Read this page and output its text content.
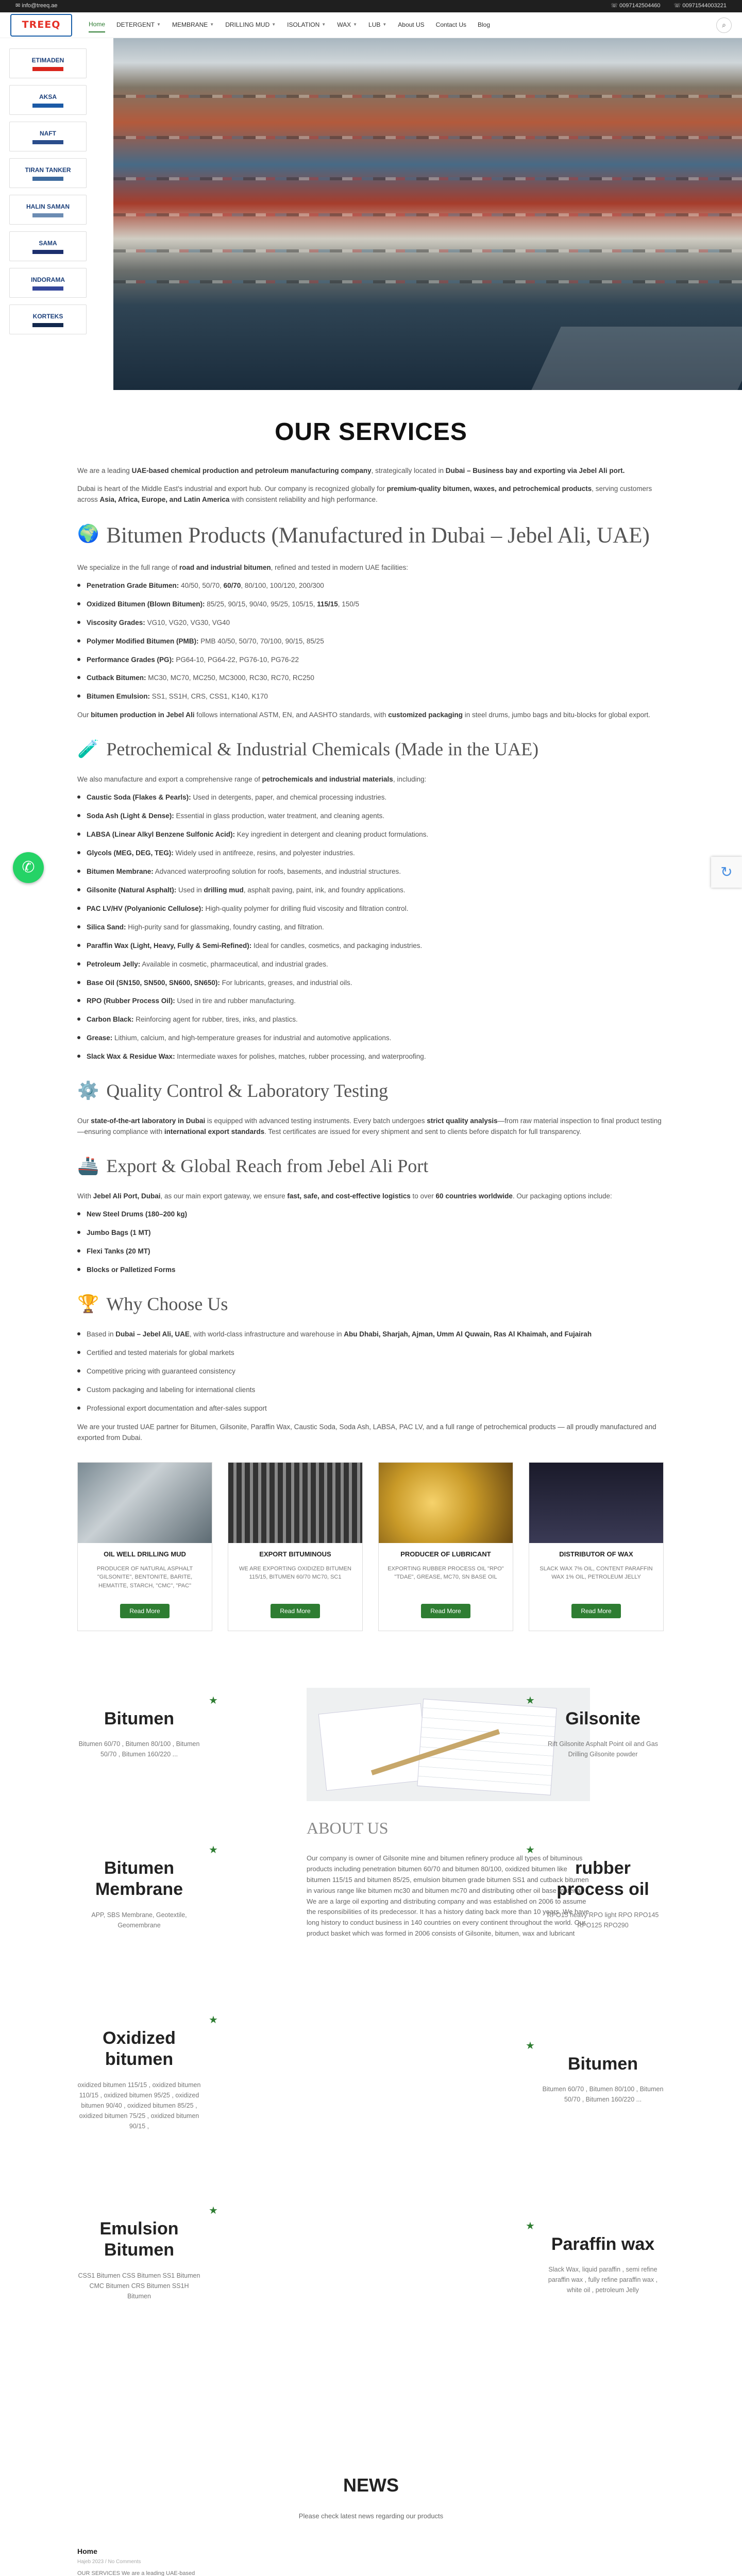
✉ info@treeq.ae	☏ 0097142504460 ☏ 00971544003221
TREEQ	Home DETERGENT ▼ MEMBRANE ▼ DRILLING MUD ▼ ISOLATION ▼ WAX ▼ LUB ▼ About US Contact Us Blog	⌕
ETIMADEN
AKSA
NAFT
TIRAN TANKER
HALIN SAMAN
SAMA
INDORAMA
KORTEKS
✆	↻
OUR SERVICES

We are a leading UAE-based chemical production and petroleum manufacturing company, strategically located in Dubai – Business bay and exporting via Jebel Ali port.

Dubai is heart of the Middle East's industrial and export hub. Our company is recognized globally for premium-quality bitumen, waxes, and petrochemical products, serving customers across Asia, Africa, Europe, and Latin America with consistent reliability and high performance.

🌍 Bitumen Products (Manufactured in Dubai – Jebel Ali, UAE)

We specialize in the full range of road and industrial bitumen, refined and tested in modern UAE facilities:

Penetration Grade Bitumen: 40/50, 50/70, 60/70, 80/100, 100/120, 200/300
Oxidized Bitumen (Blown Bitumen): 85/25, 90/15, 90/40, 95/25, 105/15, 115/15, 150/5
Viscosity Grades: VG10, VG20, VG30, VG40
Polymer Modified Bitumen (PMB): PMB 40/50, 50/70, 70/100, 90/15, 85/25
Performance Grades (PG): PG64-10, PG64-22, PG76-10, PG76-22
Cutback Bitumen: MC30, MC70, MC250, MC3000, RC30, RC70, RC250
Bitumen Emulsion: SS1, SS1H, CRS, CSS1, K140, K170

Our bitumen production in Jebel Ali follows international ASTM, EN, and AASHTO standards, with customized packaging in steel drums, jumbo bags and bitu-blocks for global export.

🧪 Petrochemical & Industrial Chemicals (Made in the UAE)

We also manufacture and export a comprehensive range of petrochemicals and industrial materials, including:

Caustic Soda (Flakes & Pearls): Used in detergents, paper, and chemical processing industries.
Soda Ash (Light & Dense): Essential in glass production, water treatment, and cleaning agents.
LABSA (Linear Alkyl Benzene Sulfonic Acid): Key ingredient in detergent and cleaning product formulations.
Glycols (MEG, DEG, TEG): Widely used in antifreeze, resins, and polyester industries.
Bitumen Membrane: Advanced waterproofing solution for roofs, basements, and industrial structures.
Gilsonite (Natural Asphalt): Used in drilling mud, asphalt paving, paint, ink, and foundry applications.
PAC LV/HV (Polyanionic Cellulose): High-quality polymer for drilling fluid viscosity and filtration control.
Silica Sand: High-purity sand for glassmaking, foundry casting, and filtration.
Paraffin Wax (Light, Heavy, Fully & Semi-Refined): Ideal for candles, cosmetics, and packaging industries.
Petroleum Jelly: Available in cosmetic, pharmaceutical, and industrial grades.
Base Oil (SN150, SN500, SN600, SN650): For lubricants, greases, and industrial oils.
RPO (Rubber Process Oil): Used in tire and rubber manufacturing.
Carbon Black: Reinforcing agent for rubber, tires, inks, and plastics.
Grease: Lithium, calcium, and high-temperature greases for industrial and automotive applications.
Slack Wax & Residue Wax: Intermediate waxes for polishes, matches, rubber processing, and waterproofing.
⚙️ Quality Control & Laboratory Testing

Our state-of-the-art laboratory in Dubai is equipped with advanced testing instruments. Every batch undergoes strict quality analysis—from raw material inspection to final product testing—ensuring compliance with international export standards. Test certificates are issued for every shipment and sent to clients before dispatch for full transparency.

🚢 Export & Global Reach from Jebel Ali Port

With Jebel Ali Port, Dubai, as our main export gateway, we ensure fast, safe, and cost-effective logistics to over 60 countries worldwide. Our packaging options include:

New Steel Drums (180–200 kg)
Jumbo Bags (1 MT)
Flexi Tanks (20 MT)
Blocks or Palletized Forms
🏆 Why Choose Us
Based in Dubai – Jebel Ali, UAE, with world-class infrastructure and warehouse in Abu Dhabi, Sharjah, Ajman, Umm Al Quwain, Ras Al Khaimah, and Fujairah
Certified and tested materials for global markets
Competitive pricing with guaranteed consistency
Custom packaging and labeling for international clients
Professional export documentation and after-sales support

We are your trusted UAE partner for Bitumen, Gilsonite, Paraffin Wax, Caustic Soda, Soda Ash, LABSA, PAC LV, and a full range of petrochemical products — all proudly manufactured and exported from Dubai.

OIL WELL DRILLING MUD
PRODUCER OF NATURAL ASPHALT "GILSONITE", BENTONITE, BARITE, HEMATITE, STARCH, "CMC", "PAC"
Read More
EXPORT BITUMINOUS
WE ARE EXPORTING OXIDIZED BITUMEN 115/15, BITUMEN 60/70 MC70, SC1
Read More
PRODUCER OF LUBRICANT
EXPORTING RUBBER PROCESS OIL "RPO" "TDAE", GREASE, MC70, SN BASE OIL
Read More
DISTRIBUTOR OF WAX
SLACK WAX 7% OIL, CONTENT PARAFFIN WAX 1% OIL, PETROLEUM JELLY
Read More
ABOUT US

Our company is owner of Gilsonite mine and bitumen refinery produce all types of bituminous products including penetration bitumen 60/70 and bitumen 80/100, oxidized bitumen like bitumen 115/15 and bitumen 85/25, emulsion bitumen grade bitumen SS1 and cutback bitumen in various range like bitumen mc30 and bitumen mc70 and distributing other oil base material We are a large oil exporting and distributing company and was established on 2006 to assume the responsibilities of its predecessor. It has a history dating back more than 10 years. We have long history to conduct business in 140 countries on every continent throughout the world. Our product basket which was formed in 2006 consists of Gilsonite, bitumen, wax and lubricant

Bitumen
Bitumen 60/70 , Bitumen 80/100 , Bitumen 50/70 , Bitumen 160/220 ...
★
Bitumen Membrane
APP, SBS Membrane, Geotextile, Geomembrane
★
Oxidized bitumen
oxidized bitumen 115/15 , oxidized bitumen 110/15 , oxidized bitumen 95/25 , oxidized bitumen 90/40 , oxidized bitumen 85/25 , oxidized bitumen 75/25 , oxidized bitumen 90/15 ,
★
Emulsion Bitumen
CSS1 Bitumen CSS Bitumen SS1 Bitumen CMC Bitumen CRS Bitumen SS1H Bitumen
★
Gilsonite
Rift Gilsonite Asphalt Point oil and Gas Drilling Gilsonite powder
★
rubber process oil
RPO15 heavy RPO light RPO RPO145 RPO125 RPO290
★
Bitumen
Bitumen 60/70 , Bitumen 80/100 , Bitumen 50/70 , Bitumen 160/220 ...
★
Paraffin wax
Slack Wax, liquid paraffin , semi refine paraffin wax , fully refine paraffin wax , white oil , petroleum Jelly
★
NEWS
Please check latest news regarding our products
Home
Hajeb 2023 / No Comments
OUR SERVICES We are a leading UAE-based
